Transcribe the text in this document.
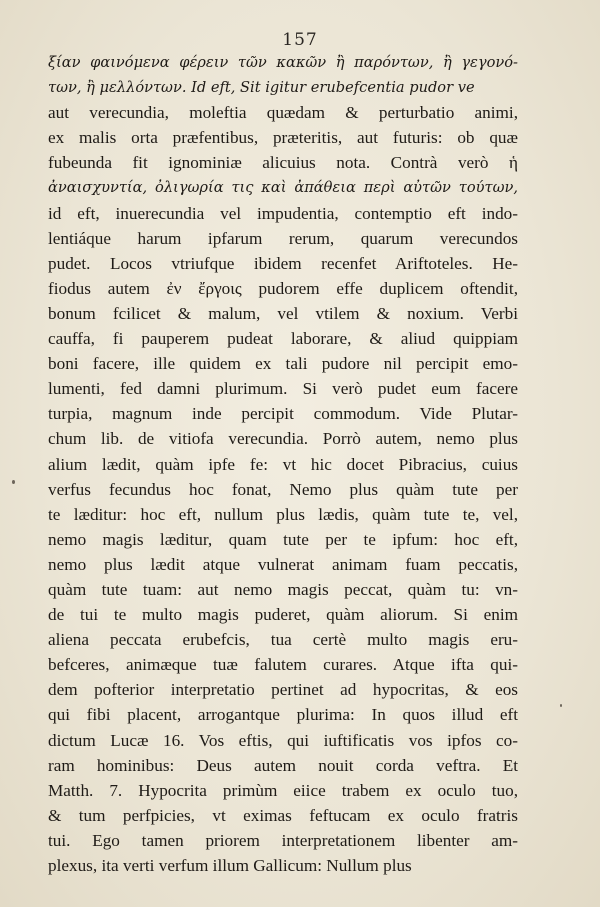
157
ξίαν φαινόμενα φέρειν τῶν κακῶν ἢ παρόντων, ἢ γεγονό-
των, ἢ μελλόντων. Id eft, Sit igitur erubefcentia pudor ve
aut verecundia, moleftia quædam & perturbatio animi,
ex malis orta præfentibus, præteritis, aut futuris: ob quæ
fubeunda fit ignominiæ alicuius nota. Contrà verò ἡ
ἀναισχυντία, ὀλιγωρία τις καὶ ἀπάθεια περὶ αὐτῶν τούτων,
id eft, inuerecundia vel impudentia, contemptio eft indo-
lentiáque harum ipfarum rerum, quarum verecundos
pudet. Locos vtriufque ibidem recenfet Ariftoteles. He-
fiodus autem ἐν ἔργοις pudorem effe duplicem oftendit,
bonum fcilicet & malum, vel vtilem & noxium. Verbi
cauffa, fi pauperem pudeat laborare, & aliud quippiam
boni facere, ille quidem ex tali pudore nil percipit emo-
lumenti, fed damni plurimum. Si verò pudet eum facere
turpia, magnum inde percipit commodum. Vide Plutar-
chum lib. de vitiofa verecundia. Porrò autem, nemo plus
alium lædit, quàm ipfe fe: vt hic docet Pibracius, cuius
verfus fecundus hoc fonat, Nemo plus quàm tute per
te læditur: hoc eft, nullum plus lædis, quàm tute te, vel,
nemo magis læditur, quam tute per te ipfum: hoc eft,
nemo plus lædit atque vulnerat animam fuam peccatis,
quàm tute tuam: aut nemo magis peccat, quàm tu: vn-
de tui te multo magis puderet, quàm aliorum. Si enim
aliena peccata erubefcis, tua certè multo magis eru-
befceres, animæque tuæ falutem curares. Atque ifta qui-
dem pofterior interpretatio pertinet ad hypocritas, & eos
qui fibi placent, arrogantque plurima: In quos illud eft
dictum Lucæ 16. Vos eftis, qui iuftificatis vos ipfos co-
ram hominibus: Deus autem nouit corda veftra. Et
Matth. 7. Hypocrita primùm eiice trabem ex oculo tuo,
& tum perfpicies, vt eximas feftucam ex oculo fratris
tui. Ego tamen priorem interpretationem libenter am-
plexus, ita verti verfum illum Gallicum: Nullum plus
